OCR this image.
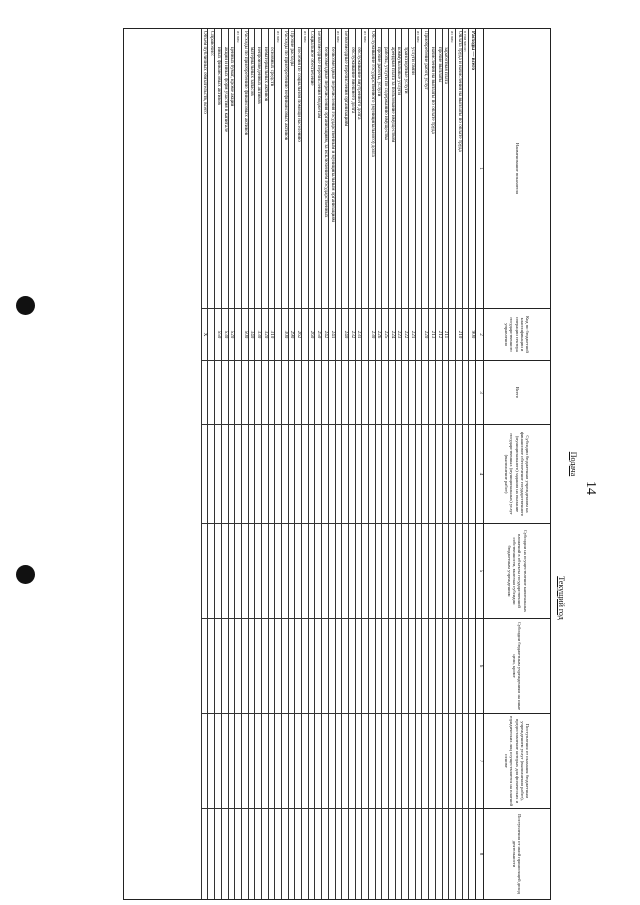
14
Подача
Текущий год
Наименование показателя
Код по бюджетной классификации и операции сектора государственного управления
Всего
Субсидии бюджетным учреждениям на финансовое обеспечение государственного (муниципального) задания на оказание государственных (муниципальных) услуг (выполнение работ)
Субсидии на осуществление капитальных вложений в объекты государственной собственности, включая субсидии бюджетным учреждениям
Субсидии бюджетным учреждениям на иные цели, кроме
Поступления от оказания бюджетным учреждением услуг (выполнения работ), предоставление которых для физических и юридических лиц осуществляется на платной основе
Поступления от иной приносящей доход деятельности
1
2
3
4
5
6
7
8
Расходы — всего
900
в том числе:
Оплата труда и начисления на выплаты по оплате труда
210
из них:
заработная плата
211
прочие выплаты
212
начисления на выплаты по оплате труда
213
Приобретение работ, услуг
220
из них:
услуги связи
221
транспортные услуги
222
коммунальные услуги
223
арендная плата за пользование имуществом
224
работы, услуги по содержанию имущества
225
прочие работы, услуги
226
Обслуживание государственного (муниципального) долга
230
из них:
обслуживание внутреннего долга
231
обслуживание внешнего долга
232
Безвозмездные перечисления организациям
240
из них:
безвозмездные перечисления государственным и муниципальным организациям
241
безвозмездные перечисления организациям, за исключением государственных
242
Безвозмездные перечисления бюджетам
250
Социальное обеспечение
260
из них:
пособия по социальной помощи населению
262
Прочие расходы
290
Расходы по приобретению нефинансовых активов
300
из них:
основных средств
310
нематериальных активов
320
непроизведенных активов
330
материальных запасов
340
Расходы по приобретению финансовых активов
500
из них:
ценных бумаг, кроме акций
520
акций и иных форм участия в капитале
530
иных финансовых активов
550
Справочно:
Объем публичных обязательств, всего
X
